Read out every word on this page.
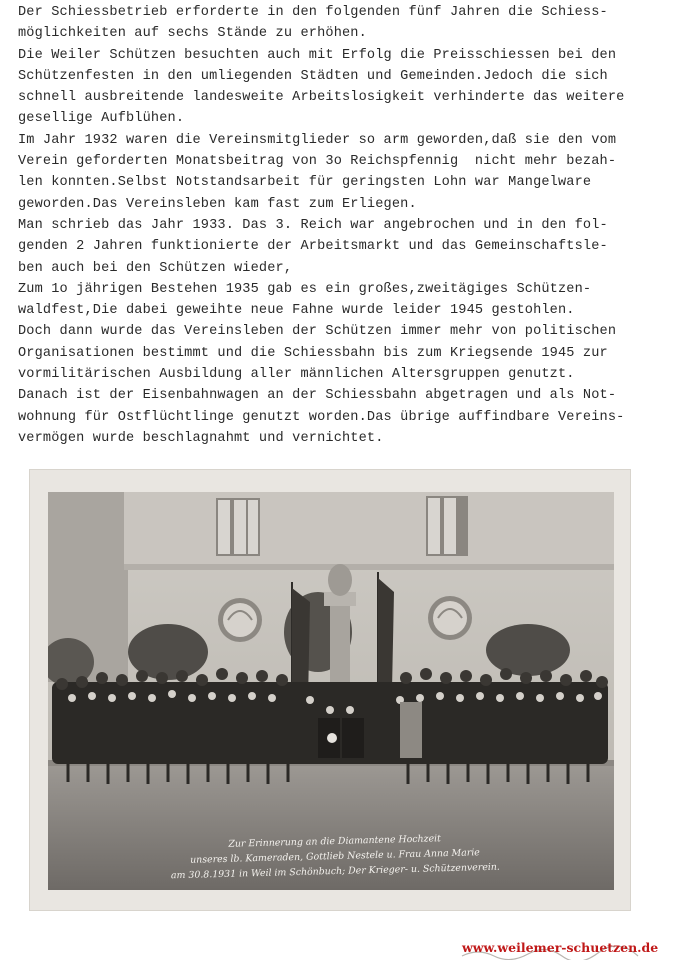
Der Schiessbetrieb erforderte in den folgenden fünf Jahren die Schiess-
möglichkeiten auf sechs Stände zu erhöhen.
Die Weiler Schützen besuchten auch mit Erfolg die Preisschiessen bei den
Schützenfesten in den umliegenden Städten und Gemeinden.Jedoch die sich
schnell ausbreitende landesweite Arbeitslosigkeit verhinderte das weitere
gesellige Aufblühen.
Im Jahr 1932 waren die Vereinsmitglieder so arm geworden,daß sie den vom
Verein geforderten Monatsbeitrag von 3o Reichspfennig  nicht mehr bezah-
len konnten.Selbst Notstandsarbeit für geringsten Lohn war Mangelware
geworden.Das Vereinsleben kam fast zum Erliegen.
Man schrieb das Jahr 1933. Das 3. Reich war angebrochen und in den fol-
genden 2 Jahren funktionierte der Arbeitsmarkt und das Gemeinschaftsle-
ben auch bei den Schützen wieder,
Zum 1o jährigen Bestehen 1935 gab es ein großes,zweitägiges Schützen-
waldfest,Die dabei geweihte neue Fahne wurde leider 1945 gestohlen.
Doch dann wurde das Vereinsleben der Schützen immer mehr von politischen
Organisationen bestimmt und die Schiessbahn bis zum Kriegsende 1945 zur
vormilitärischen Ausbildung aller männlichen Altersgruppen genutzt.
Danach ist der Eisenbahnwagen an der Schiessbahn abgetragen und als Not-
wohnung für Ostflüchtlinge genutzt worden.Das übrige auffindbare Vereins-
vermögen wurde beschlagnahmt und vernichtet.
Zur Erinnerung an die Diamantene Hochzeit
unseres lb. Kameraden, Gottlieb Nestele u. Frau Anna Marie
am 30.8.1931 in Weil im Schönbuch; Der Krieger- u. Schützenverein.
www.weilemer-schuetzen.de
